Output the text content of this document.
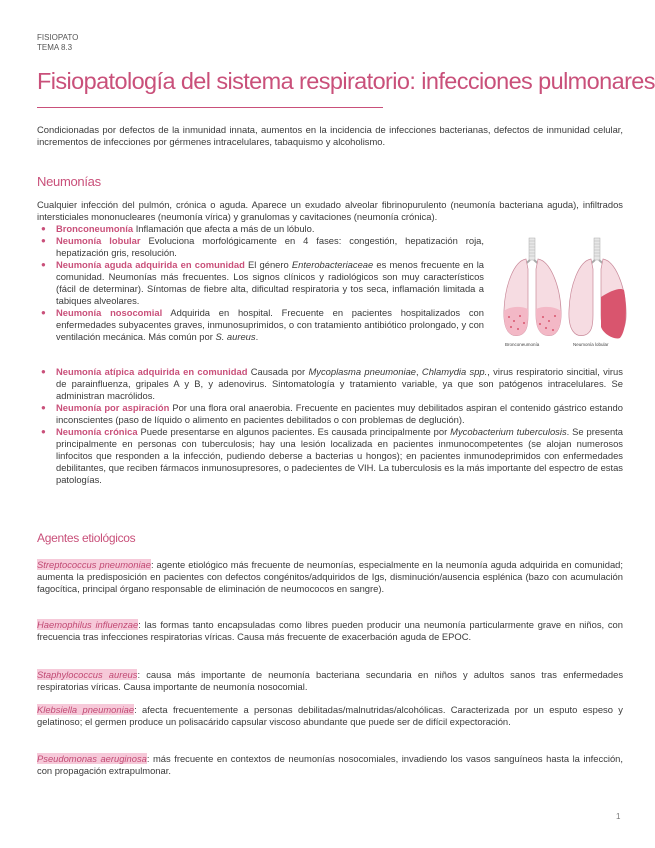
FISIOPATO
TEMA 8.3
Fisiopatología del sistema respiratorio: infecciones pulmonares

Condicionadas por defectos de la inmunidad innata, aumentos en la incidencia de infecciones bacterianas, defectos de inmunidad celular, incrementos de infecciones por gérmenes intracelulares, tabaquismo y alcoholismo.

Neumonías

Cualquier infección del pulmón, crónica o aguda. Aparece un exudado alveolar fibrinopurulento (neumonía bacteriana aguda), infiltrados intersticiales mononucleares (neumonía vírica) y granulomas y cavitaciones (neumonía crónica).

● Bronconeumonía Inflamación que afecta a más de un lóbulo.
● Neumonía lobular Evoluciona morfológicamente en 4 fases: congestión, hepatización roja, hepatización gris, resolución.
● Neumonía aguda adquirida en comunidad El género Enterobacteriaceae es menos frecuente en la comunidad. Neumonías más frecuentes. Los signos clínicos y radiológicos son muy característicos (fácil de determinar). Síntomas de fiebre alta, dificultad respiratoria y tos seca, inflamación limitada a tabiques alveolares.
● Neumonía nosocomial Adquirida en hospital. Frecuente en pacientes hospitalizados con enfermedades subyacentes graves, inmunosuprimidos, o con tratamiento antibiótico prolongado, y con ventilación mecánica. Más común por S. aureus.
Bronconeumonía	Neumonía lobular
● Neumonía atípica adquirida en comunidad Causada por Mycoplasma pneumoniae, Chlamydia spp., virus respiratorio sincitial, virus de parainfluenza, gripales A y B, y adenovirus. Sintomatología y tratamiento variable, ya que son patógenos intracelulares. Se administran macrólidos.
● Neumonía por aspiración Por una flora oral anaerobia. Frecuente en pacientes muy debilitados aspiran el contenido gástrico estando inconscientes (paso de líquido o alimento en pacientes debilitados o con problemas de deglución).
● Neumonía crónica Puede presentarse en algunos pacientes. Es causada principalmente por Mycobacterium tuberculosis. Se presenta principalmente en personas con tuberculosis; hay una lesión localizada en pacientes inmunocompetentes (se alojan numerosos linfocitos que responden a la infección, pudiendo deberse a bacterias u hongos); en pacientes inmunodeprimidos con enfermedades debilitantes, que reciben fármacos inmunosupresores, o padecientes de VIH. La tuberculosis es la más importante del espectro de estas patologías.
Agentes etiológicos

Streptococcus pneumoniae: agente etiológico más frecuente de neumonías, especialmente en la neumonía aguda adquirida en comunidad; aumenta la predisposición en pacientes con defectos congénitos/adquiridos de Igs, disminución/ausencia esplénica (bazo con acumulación fagocítica, principal órgano responsable de eliminación de neumococos en sangre).

Haemophilus influenzae: las formas tanto encapsuladas como libres pueden producir una neumonía particularmente grave en niños, con frecuencia tras infecciones respiratorias víricas. Causa más frecuente de exacerbación aguda de EPOC.

Staphylococcus aureus: causa más importante de neumonía bacteriana secundaria en niños y adultos sanos tras enfermedades respiratorias víricas. Causa importante de neumonía nosocomial.

Klebsiella pneumoniae: afecta frecuentemente a personas debilitadas/malnutridas/alcohólicas. Caracterizada por un esputo espeso y gelatinoso; el germen produce un polisacárido capsular viscoso abundante que puede ser de difícil expectoración.

Pseudomonas aeruginosa: más frecuente en contextos de neumonías nosocomiales, invadiendo los vasos sanguíneos hasta la infección, con propagación extrapulmonar.

1
